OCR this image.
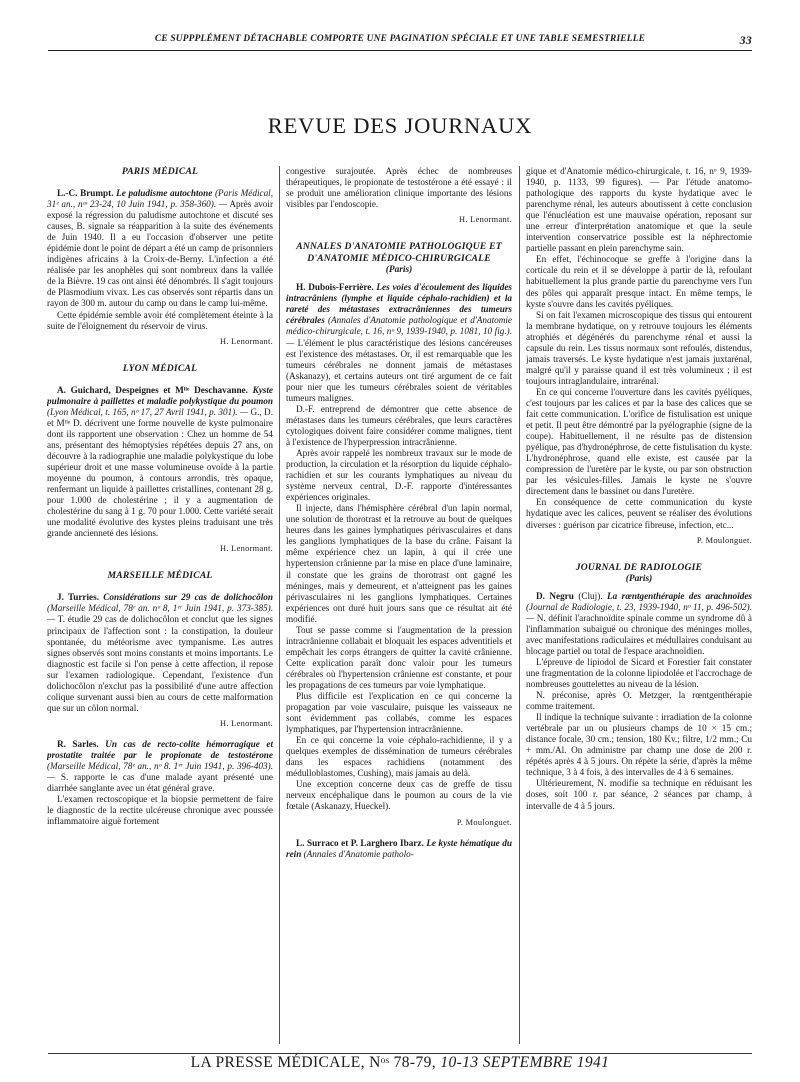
CE SUPPPLÉMENT DÉTACHABLE COMPORTE UNE PAGINATION SPÉCIALE ET UNE TABLE SEMESTRIELLE	33
REVUE DES JOURNAUX

PARIS MÉDICAL

L.-C. Brumpt. Le paludisme autochtone (Paris Médical, 31ᵉ an., nᵒˢ 23-24, 10 Juin 1941, p. 358-360). — Après avoir exposé la régression du paludisme autochtone et discuté ses causes, B. signale sa réapparition à la suite des événements de Juin 1940. Il a eu l'occasion d'observer une petite épidémie dont le point de départ a été un camp de prisonniers indigènes africains à la Croix-de-Berny. L'infection a été réalisée par les anophèles qui sont nombreux dans la vallée de la Bièvre. 19 cas ont ainsi été dénombrés. Il s'agit toujours de Plasmodium vivax. Les cas observés sont répartis dans un rayon de 300 m. autour du camp ou dans le camp lui-même.

Cette épidémie semble avoir été complètement éteinte à la suite de l'éloignement du réservoir de virus.

H. Lenormant.

LYON MÉDICAL

A. Guichard, Despeignes et Mˡˡᵉ Deschavanne. Kyste pulmonaire à paillettes et maladie polykystique du poumon (Lyon Médical, t. 165, nᵒ 17, 27 Avril 1941, p. 301). — G., D. et Mˡˡᵉ D. décrivent une forme nouvelle de kyste pulmonaire dont ils rapportent une observation : Chez un homme de 54 ans, présentant des hémoptysies répétées depuis 27 ans, on découvre à la radiographie une maladie polykystique du lobe supérieur droit et une masse volumineuse ovoïde à la partie moyenne du poumon, à contours arrondis, très opaque, renfermant un liquide à paillettes cristallines, contenant 28 g. pour 1.000 de cholestérine ; il y a augmentation de cholestérine du sang à 1 g. 70 pour 1.000. Cette variété serait une modalité évolutive des kystes pleins traduisant une très grande ancienneté des lésions.

H. Lenormant.

MARSEILLE MÉDICAL

J. Turries. Considérations sur 29 cas de dolichocôlon (Marseille Médical, 78ᵉ an. nᵒ 8, 1ᵉʳ Juin 1941, p. 373-385). — T. étudie 29 cas de dolichocôlon et conclut que les signes principaux de l'affection sont : la constipation, la douleur spontanée, du météorisme avec tympanisme. Les autres signes observés sont moins constants et moins importants. Le diagnostic est facile si l'on pense à cette affection, il repose sur l'examen radiologique. Cependant, l'existence d'un dolichocôlon n'exclut pas la possibilité d'une autre affection colique survenant aussi bien au cours de cette malformation que sur un côlon normal.

H. Lenormant.

R. Sarles. Un cas de recto-colite hémorragique et prostatite traitée par le propionate de testostérone (Marseille Médical, 78ᵉ an., nᵒ 8. 1ᵉʳ Juin 1941, p. 396-403). — S. rapporte le cas d'une malade ayant présenté une diarrhée sanglante avec un état général grave.

L'examen rectoscopique et la biopsie permettent de faire le diagnostic de la rectite ulcéreuse chronique avec poussée inflammatoire aiguë fortement

congestive surajoutée. Après échec de nombreuses thérapeutiques, le propionate de testostérone a été essayé : il se produit une amélioration clinique importante des lésions visibles par l'endoscopie.

H. Lenormant.

ANNALES D'ANATOMIE PATHOLOGIQUE ET D'ANATOMIE MÉDICO-CHIRURGICALE

(Paris)

H. Dubois-Ferrière. Les voies d'écoulement des liquides intracrâniens (lymphe et liquide céphalo-rachidien) et la rareté des métastases extracrâniennes des tumeurs cérébrales (Annales d'Anatomie pathologique et d'Anatomie médico-chirurgicale, t. 16, nᵒ 9, 1939-1940, p. 1081, 10 fig.). — L'élément le plus caractéristique des lésions cancéreuses est l'existence des métastases. Or, il est remarquable que les tumeurs cérébrales ne donnent jamais de métastases (Askanazy), et certains auteurs ont tiré argument de ce fait pour nier que les tumeurs cérébrales soient de véritables tumeurs malignes.

D.-F. entreprend de démontrer que cette absence de métastases dans les tumeurs cérébrales, que leurs caractères cytologiques doivent faire considérer comme malignes, tient à l'existence de l'hyperpression intracrânienne.

Après avoir rappelé les nombreux travaux sur le mode de production, la circulation et la résorption du liquide céphalo-rachidien et sur les courants lymphatiques au niveau du système nerveux central, D.-F. rapporte d'intéressantes expériences originales.

Il injecte, dans l'hémisphère cérébral d'un lapin normal, une solution de thorotrast et la retrouve au bout de quelques heures dans les gaines lymphatiques périvasculaires et dans les ganglions lymphatiques de la base du crâne. Faisant la même expérience chez un lapin, à qui il crée une hypertension crânienne par la mise en place d'une laminaire, il constate que les grains de thorotrast ont gagné les méninges, mais y demeurent, et n'atteignent pas les gaines périvasculaires ni les ganglions lymphatiques. Certaines expériences ont duré huit jours sans que ce résultat ait été modifié.

Tout se passe comme si l'augmentation de la pression intracrânienne collabait et bloquait les espaces adventitiels et empêchait les corps étrangers de quitter la cavité crânienne. Cette explication paraît donc valoir pour les tumeurs cérébrales où l'hypertension crânienne est constante, et pour les propagations de ces tumeurs par voie lymphatique.

Plus difficile est l'explication en ce qui concerne la propagation par voie vasculaire, puisque les vaisseaux ne sont évidemment pas collabés, comme les espaces lymphatiques, par l'hypertension intracrânienne.

En ce qui concerne la voie céphalo-rachidienne, il y a quelques exemples de dissémination de tumeurs cérébrales dans les espaces rachidiens (notamment des médulloblastomes, Cushing), mais jamais au delà.

Une exception concerne deux cas de greffe de tissu nerveux encéphalique dans le poumon au cours de la vie fœtale (Askanazy, Hueckel).

P. Moulonguet.

L. Surraco et P. Larghero Ibarz. Le kyste hématique du rein (Annales d'Anatomie patholo-

gique et d'Anatomie médico-chirurgicale, t. 16, nᵒ 9, 1939-1940, p. 1133, 99 figures). — Par l'étude anatomo-pathologique des rapports du kyste hydatique avec le parenchyme rénal, les auteurs aboutissent à cette conclusion que l'énucléation est une mauvaise opération, reposant sur une erreur d'interprétation anatomique et que la seule intervention conservatrice possible est la néphrectomie partielle passant en plein parenchyme sain.

En effet, l'échinocoque se greffe à l'origine dans la corticale du rein et il se développe à partir de là, refoulant habituellement la plus grande partie du parenchyme vers l'un des pôles qui apparaît presque intact. En même temps, le kyste s'ouvre dans les cavités pyéliques.

Si on fait l'examen microscopique des tissus qui entourent la membrane hydatique, on y retrouve toujours les éléments atrophiés et dégénérés du parenchyme rénal et aussi la capsule du rein. Les tissus normaux sont refoulés, distendus, jamais traversés. Le kyste hydatique n'est jamais juxtarénal, malgré qu'il y paraisse quand il est très volumineux ; il est toujours intraglandulaire, intrarénal.

En ce qui concerne l'ouverture dans les cavités pyéliques, c'est toujours par les calices et par la base des calices que se fait cette communication. L'orifice de fistulisation est unique et petit. Il peut être démontré par la pyélographie (signe de la coupe). Habituellement, il ne résulte pas de distension pyélique, pas d'hydronéphrose, de cette fistulisation du kyste. L'hydronéphrose, quand elle existe, est causée par la compression de l'uretère par le kyste, ou par son obstruction par les vésicules-filles. Jamais le kyste ne s'ouvre directement dans le bassinet ou dans l'uretère.

En conséquence de cette communication du kyste hydatique avec les calices, peuvent se réaliser des évolutions diverses : guérison par cicatrice fibreuse, infection, etc...

P. Moulonguet.

JOURNAL DE RADIOLOGIE

(Paris)

D. Negru (Cluj). La rœntgenthérapie des arachnoïdes (Journal de Radiologie, t. 23, 1939-1940, nᵒ 11, p. 496-502). — N. définit l'arachnoïdite spinale comme un syndrome dû à l'inflammation subaiguë ou chronique des méninges molles, avec manifestations radiculaires et médullaires conduisant au blocage partiel ou total de l'espace arachnoïdien.

L'épreuve de lipiodol de Sicard et Forestier fait constater une fragmentation de la colonne lipiodolée et l'accrochage de nombreuses gouttelettes au niveau de la lésion.

N. préconise, après O. Metzger, la rœntgenthérapie comme traitement.

Il indique la technique suivante : irradiation de la colonne vertébrale par un ou plusieurs champs de 10 × 15 cm.; distance focale, 30 cm.; tension, 180 Kv.; filtre, 1/2 mm.; Cu + mm./Al. On administre par champ une dose de 200 r. répétés après 4 à 5 jours. On répète la série, d'après la même technique, 3 à 4 fois, à des intervalles de 4 à 6 semaines.

Ultérieurement, N. modifie sa technique en réduisant les doses, soit 100 r. par séance, 2 séances par champ, à intervalle de 4 à 5 jours.

LA PRESSE MÉDICALE, Nᵒˢ 78-79, 10-13 SEPTEMBRE 1941
